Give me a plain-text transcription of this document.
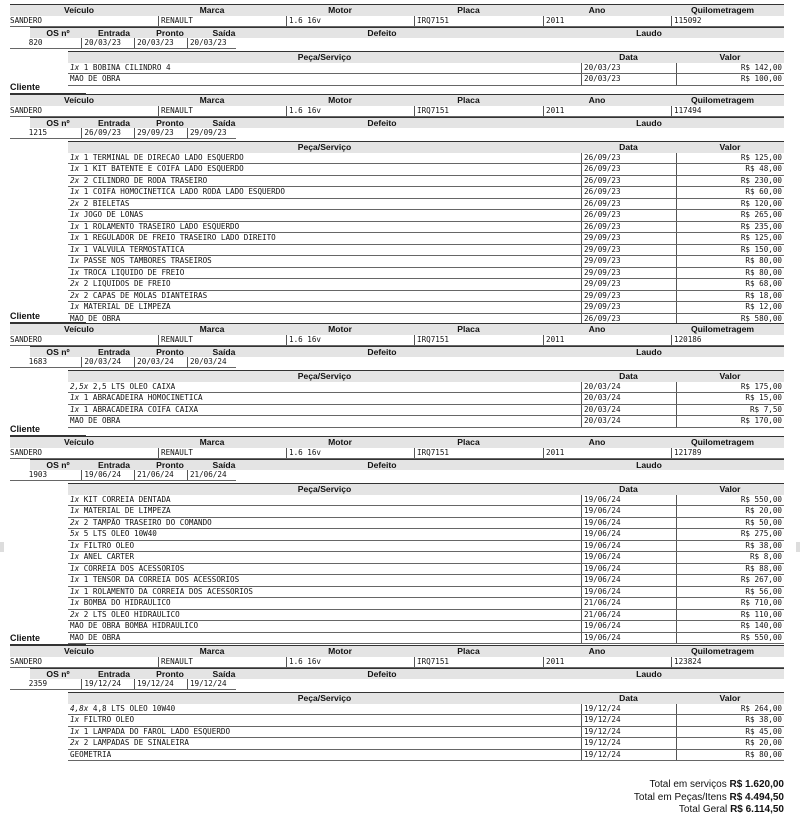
Veículo	Marca	Motor	Placa	Ano	Quilometragem
SANDERO	RENAULT	1.6 16v	IRQ7151	2011	115092
OS nº	Entrada	Pronto	Saída	Defeito	Laudo
820	20/03/23	20/03/23	20/03/23
Peça/Serviço	Data	Valor
1x 1 BOBINA CILINDRO 4	20/03/23	R$ 142,00
MAO DE OBRA	20/03/23	R$ 100,00
Cliente
Veículo	Marca	Motor	Placa	Ano	Quilometragem
SANDERO	RENAULT	1.6 16v	IRQ7151	2011	117494
OS nº	Entrada	Pronto	Saída	Defeito	Laudo
1215	26/09/23	29/09/23	29/09/23
Peça/Serviço	Data	Valor
1x 1 TERMINAL DE DIRECAO LADO ESQUERDO	26/09/23	R$ 125,00
1x 1 KIT BATENTE E COIFA LADO ESQUERDO	26/09/23	R$ 48,00
2x 2 CILINDRO DE RODA TRASEIRO	26/09/23	R$ 230,00
1x 1 COIFA HOMOCINETICA LADO RODA LADO ESQUERDO	26/09/23	R$ 60,00
2x 2 BIELETAS	26/09/23	R$ 120,00
1x JOGO DE LONAS	26/09/23	R$ 265,00
1x 1 ROLAMENTO TRASEIRO LADO ESQUERDO	26/09/23	R$ 235,00
1x 1 REGULADOR DE FREIO TRASEIRO LADO DIREITO	29/09/23	R$ 125,00
1x 1 VALVULA TERMOSTATICA	29/09/23	R$ 150,00
1x PASSE NOS TAMBORES TRASEIROS	29/09/23	R$ 80,00
1x TROCA LIQUIDO DE FREIO	29/09/23	R$ 80,00
2x 2 LIQUIDOS DE FREIO	29/09/23	R$ 68,00
2x 2 CAPAS DE MOLAS DIANTEIRAS	29/09/23	R$ 18,00
1x MATERIAL DE LIMPEZA	29/09/23	R$ 12,00
MAO DE OBRA	26/09/23	R$ 580,00
Cliente
Veículo	Marca	Motor	Placa	Ano	Quilometragem
SANDERO	RENAULT	1.6 16v	IRQ7151	2011	120186
OS nº	Entrada	Pronto	Saída	Defeito	Laudo
1683	20/03/24	20/03/24	20/03/24
Peça/Serviço	Data	Valor
2,5x 2,5 LTS OLEO CAIXA	20/03/24	R$ 175,00
1x 1 ABRACADEIRA HOMOCINETICA	20/03/24	R$ 15,00
1x 1 ABRACADEIRA COIFA CAIXA	20/03/24	R$ 7,50
MAO DE OBRA	20/03/24	R$ 170,00
Cliente
Veículo	Marca	Motor	Placa	Ano	Quilometragem
SANDERO	RENAULT	1.6 16v	IRQ7151	2011	121789
OS nº	Entrada	Pronto	Saída	Defeito	Laudo
1903	19/06/24	21/06/24	21/06/24
Peça/Serviço	Data	Valor
1x KIT CORREIA DENTADA	19/06/24	R$ 550,00
1x MATERIAL DE LIMPEZA	19/06/24	R$ 20,00
2x 2 TAMPÃO TRASEIRO DO COMANDO	19/06/24	R$ 50,00
5x 5 LTS OLEO 10W40	19/06/24	R$ 275,00
1x FILTRO OLEO	19/06/24	R$ 38,00
1x ANEL CARTER	19/06/24	R$ 8,00
1x CORREIA DOS ACESSORIOS	19/06/24	R$ 88,00
1x 1 TENSOR DA CORREIA DOS ACESSORIOS	19/06/24	R$ 267,00
1x 1 ROLAMENTO DA CORREIA DOS ACESSORIOS	19/06/24	R$ 56,00
1x BOMBA DO HIDRAULICO	21/06/24	R$ 710,00
2x 2 LTS OLEO HIDRAULICO	21/06/24	R$ 110,00
MAO DE OBRA BOMBA HIDRAULICO	19/06/24	R$ 140,00
MAO DE OBRA	19/06/24	R$ 550,00
Cliente
Veículo	Marca	Motor	Placa	Ano	Quilometragem
SANDERO	RENAULT	1.6 16v	IRQ7151	2011	123824
OS nº	Entrada	Pronto	Saída	Defeito	Laudo
2359	19/12/24	19/12/24	19/12/24
Peça/Serviço	Data	Valor
4,8x 4,8 LTS OLEO 10W40	19/12/24	R$ 264,00
1x FILTRO OLEO	19/12/24	R$ 38,00
1x 1 LAMPADA DO FAROL LADO ESQUERDO	19/12/24	R$ 45,00
2x 2 LAMPADAS DE SINALEIRA	19/12/24	R$ 20,00
GEOMETRIA	19/12/24	R$ 80,00
Total em serviços R$ 1.620,00
Total em Peças/Itens R$ 4.494,50
Total Geral R$ 6.114,50
